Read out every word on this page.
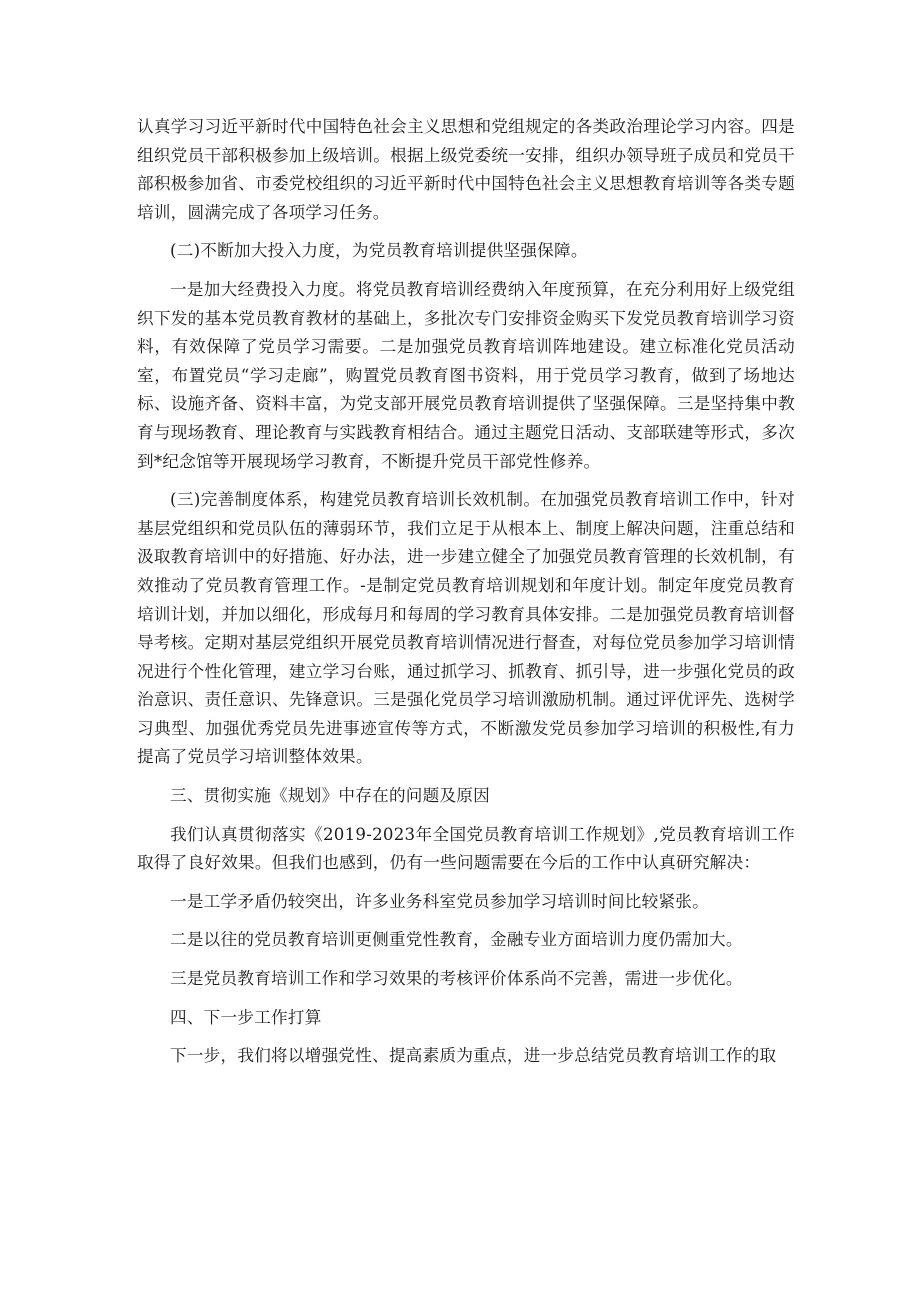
认真学习习近平新时代中国特色社会主义思想和党组规定的各类政治理论学习内容。四是组织党员干部积极参加上级培训。根据上级党委统一安排，组织办领导班子成员和党员干部积极参加省、市委党校组织的习近平新时代中国特色社会主义思想教育培训等各类专题培训，圆满完成了各项学习任务。

(二)不断加大投入力度，为党员教育培训提供坚强保障。

一是加大经费投入力度。将党员教育培训经费纳入年度预算，在充分利用好上级党组织下发的基本党员教育教材的基础上，多批次专门安排资金购买下发党员教育培训学习资料，有效保障了党员学习需要。二是加强党员教育培训阵地建设。建立标准化党员活动室，布置党员“学习走廊”，购置党员教育图书资料，用于党员学习教育，做到了场地达标、设施齐备、资料丰富，为党支部开展党员教育培训提供了坚强保障。三是坚持集中教育与现场教育、理论教育与实践教育相结合。通过主题党日活动、支部联建等形式，多次到*纪念馆等开展现场学习教育，不断提升党员干部党性修养。

(三)完善制度体系，构建党员教育培训长效机制。在加强党员教育培训工作中，针对基层党组织和党员队伍的薄弱环节，我们立足于从根本上、制度上解决问题，注重总结和汲取教育培训中的好措施、好办法，进一步建立健全了加强党员教育管理的长效机制，有效推动了党员教育管理工作。-是制定党员教育培训规划和年度计划。制定年度党员教育培训计划，并加以细化，形成每月和每周的学习教育具体安排。二是加强党员教育培训督导考核。定期对基层党组织开展党员教育培训情况进行督查，对每位党员参加学习培训情况进行个性化管理，建立学习台账，通过抓学习、抓教育、抓引导，进一步强化党员的政治意识、责任意识、先锋意识。三是强化党员学习培训激励机制。通过评优评先、选树学习典型、加强优秀党员先进事迹宣传等方式，不断激发党员参加学习培训的积极性,有力提高了党员学习培训整体效果。

三、贯彻实施《规划》中存在的问题及原因

我们认真贯彻落实《2019-2023年全国党员教育培训工作规划》,党员教育培训工作取得了良好效果。但我们也感到，仍有一些问题需要在今后的工作中认真研究解决：

一是工学矛盾仍较突出，许多业务科室党员参加学习培训时间比较紧张。

二是以往的党员教育培训更侧重党性教育，金融专业方面培训力度仍需加大。

三是党员教育培训工作和学习效果的考核评价体系尚不完善，需进一步优化。

四、下一步工作打算

下一步，我们将以增强党性、提高素质为重点，进一步总结党员教育培训工作的取
